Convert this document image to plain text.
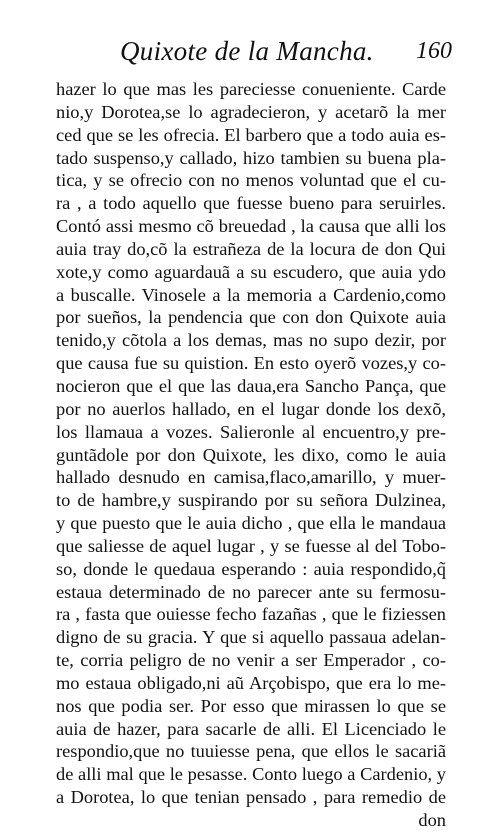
Quixote de la Mancha. 160
hazer lo que mas les pareciesse conueniente. Carde
nio,y Dorotea,se lo agradecieron, y acetarõ la mer
ced que se les ofrecia. El barbero que a todo auia es-
tado suspenso,y callado, hizo tambien su buena pla-
tica, y se ofrecio con no menos voluntad que el cu-
ra , a todo aquello que fuesse bueno para seruirles.
Contó assi mesmo cõ breuedad , la causa que alli los
auia tray do,cõ la estrañeza de la locura de don Qui
xote,y como aguardauã a su escudero, que auia ydo
a buscalle. Vinosele a la memoria a Cardenio,como
por sueños, la pendencia que con don Quixote auia
tenido,y cõtola a los demas, mas no supo dezir, por
que causa fue su quistion. En esto oyerõ vozes,y co-
nocieron que el que las daua,era Sancho Pança, que
por no auerlos hallado, en el lugar donde los dexõ,
los llamaua a vozes. Salieronle al encuentro,y pre-
guntãdole por don Quixote, les dixo, como le auia
hallado desnudo en camisa,flaco,amarillo, y muer-
to de hambre,y suspirando por su señora Dulzinea,
y que puesto que le auia dicho , que ella le mandaua
que saliesse de aquel lugar , y se fuesse al del Tobo-
so, donde le quedaua esperando : auia respondido,q̃
estaua determinado de no parecer ante su fermosu-
ra , fasta que ouiesse fecho fazañas , que le fiziessen
digno de su gracia. Y que si aquello passaua adelan-
te, corria peligro de no venir a ser Emperador , co-
mo estaua obligado,ni aũ Arçobispo, que era lo me-
nos que podia ser. Por esso que mirassen lo que se
auia de hazer, para sacarle de alli. El Licenciado le
respondio,que no tuuiesse pena, que ellos le sacariã
de alli mal que le pesasse. Conto luego a Cardenio, y
a Dorotea, lo que tenian pensado , para remedio de
don
